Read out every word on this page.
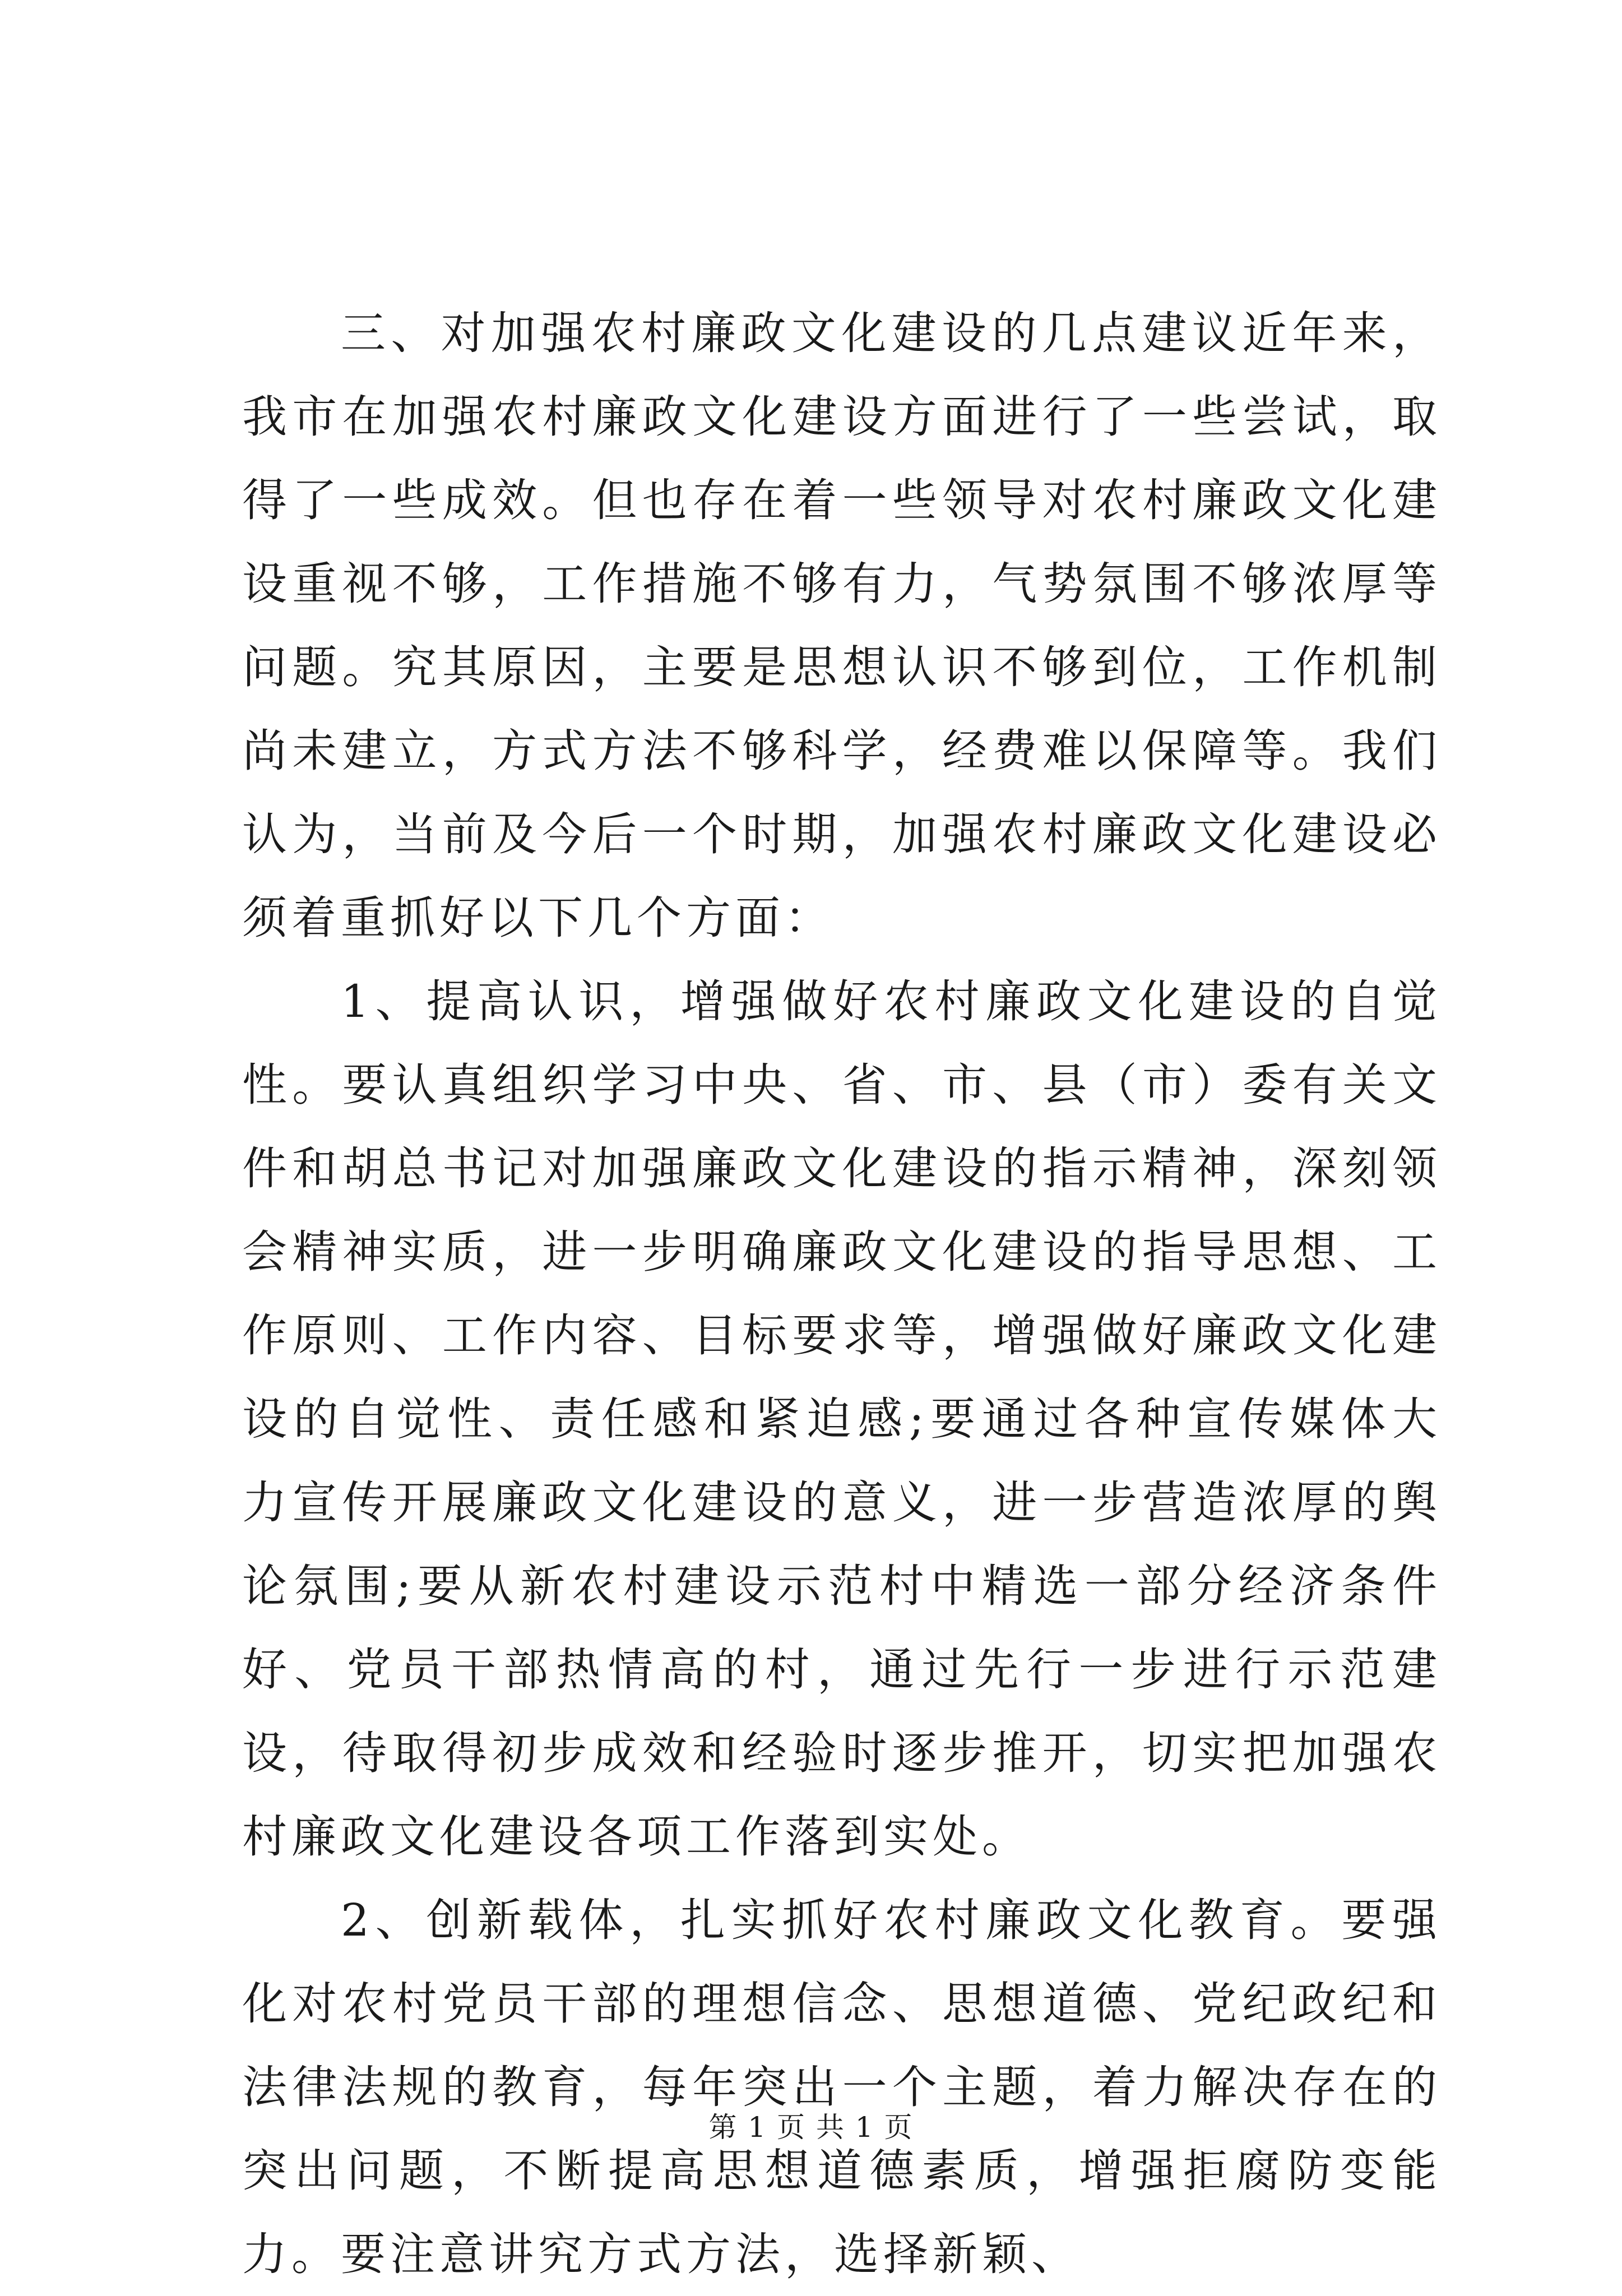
三、对加强农村廉政文化建设的几点建议近年来，我市在加强农村廉政文化建设方面进行了一些尝试，取得了一些成效。但也存在着一些领导对农村廉政文化建设重视不够，工作措施不够有力，气势氛围不够浓厚等问题。究其原因，主要是思想认识不够到位，工作机制尚未建立，方式方法不够科学，经费难以保障等。我们认为，当前及今后一个时期，加强农村廉政文化建设必须着重抓好以下几个方面：

1、提高认识，增强做好农村廉政文化建设的自觉性。要认真组织学习中央、省、市、县（市）委有关文件和胡总书记对加强廉政文化建设的指示精神，深刻领会精神实质，进一步明确廉政文化建设的指导思想、工作原则、工作内容、目标要求等，增强做好廉政文化建设的自觉性、责任感和紧迫感;要通过各种宣传媒体大力宣传开展廉政文化建设的意义，进一步营造浓厚的舆论氛围;要从新农村建设示范村中精选一部分经济条件好、党员干部热情高的村，通过先行一步进行示范建设，待取得初步成效和经验时逐步推开，切实把加强农村廉政文化建设各项工作落到实处。

2、创新载体，扎实抓好农村廉政文化教育。要强化对农村党员干部的理想信念、思想道德、党纪政纪和法律法规的教育，每年突出一个主题，着力解决存在的突出问题，不断提高思想道德素质，增强拒腐防变能力。要注意讲究方式方法，选择新颖、

第 1 页 共 1 页
